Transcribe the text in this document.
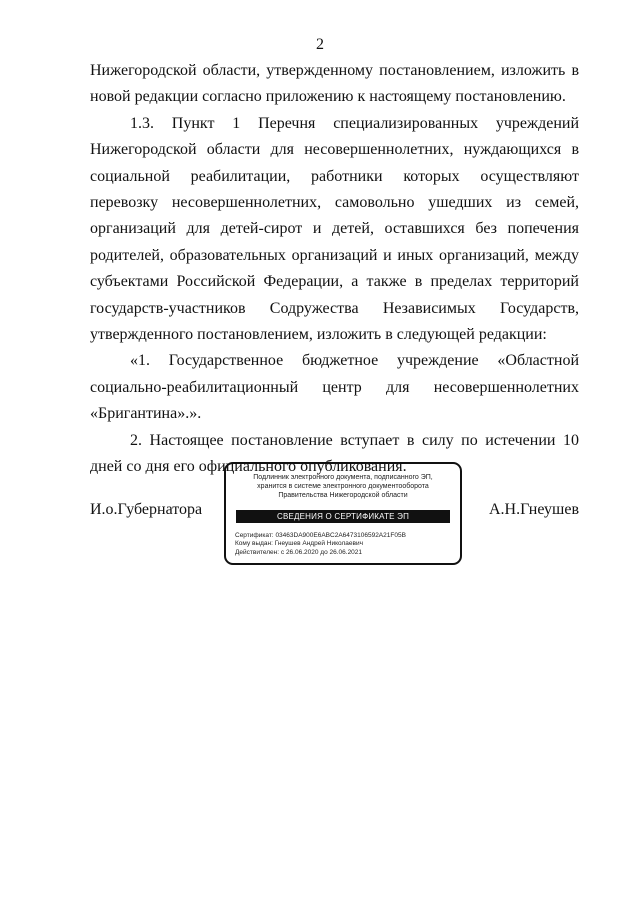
2

Нижегородской области, утвержденному постановлением, изложить в новой редакции согласно приложению к настоящему постановлению.

1.3. Пункт 1 Перечня специализированных учреждений Нижегородской области для несовершеннолетних, нуждающихся в социальной реабилитации, работники которых осуществляют перевозку несовершеннолетних, самовольно ушедших из семей, организаций для детей-сирот и детей, оставшихся без попечения родителей, образовательных организаций и иных организаций, между субъектами Российской Федерации, а также в пределах территорий государств-участников Содружества Независимых Государств, утвержденного постановлением, изложить в следующей редакции:

«1. Государственное бюджетное учреждение «Областной социально-реабилитационный центр для несовершеннолетних «Бригантина».».

2. Настоящее постановление вступает в силу по истечении 10 дней со дня его официального опубликования.

И.о.Губернатора
Подлинник электронного документа, подписанного ЭП,
хранится в системе электронного документооборота
Правительства Нижегородской области
СВЕДЕНИЯ О СЕРТИФИКАТЕ ЭП
Сертификат: 03463DA900E6ABC2A6473106592A21F05B
Кому выдан: Гнеушев Андрей Николаевич
Действителен: с 26.06.2020 до 26.06.2021
А.Н.Гнеушев
